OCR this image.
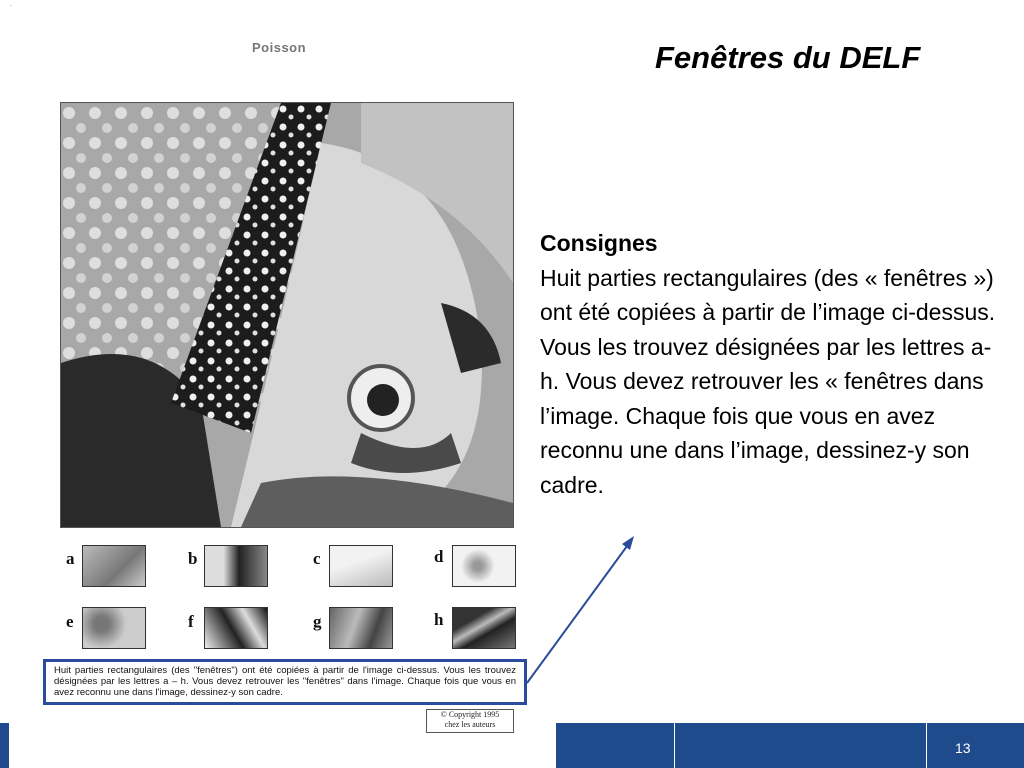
.
Poisson	Fenêtres du DELF
Consignes
Huit parties rectangulaires (des « fenêtres ») ont été copiées à partir de l’image ci-dessus. Vous les trouvez désignées par les lettres a-h. Vous devez retrouver les « fenêtres dans l’image. Chaque fois que vous en avez reconnu une dans l’image, dessinez-y son cadre.
a	b	c	d
e	f	g	h
Huit parties rectangulaires (des "fenêtres") ont été copiées à partir de l'image ci-dessus. Vous les trouvez désignées par les lettres a – h. Vous devez retrouver les "fenêtres" dans l'image. Chaque fois que vous en avez reconnu une dans l'image, dessinez-y son cadre.
© Copyright 1995
chez les auteurs
13
